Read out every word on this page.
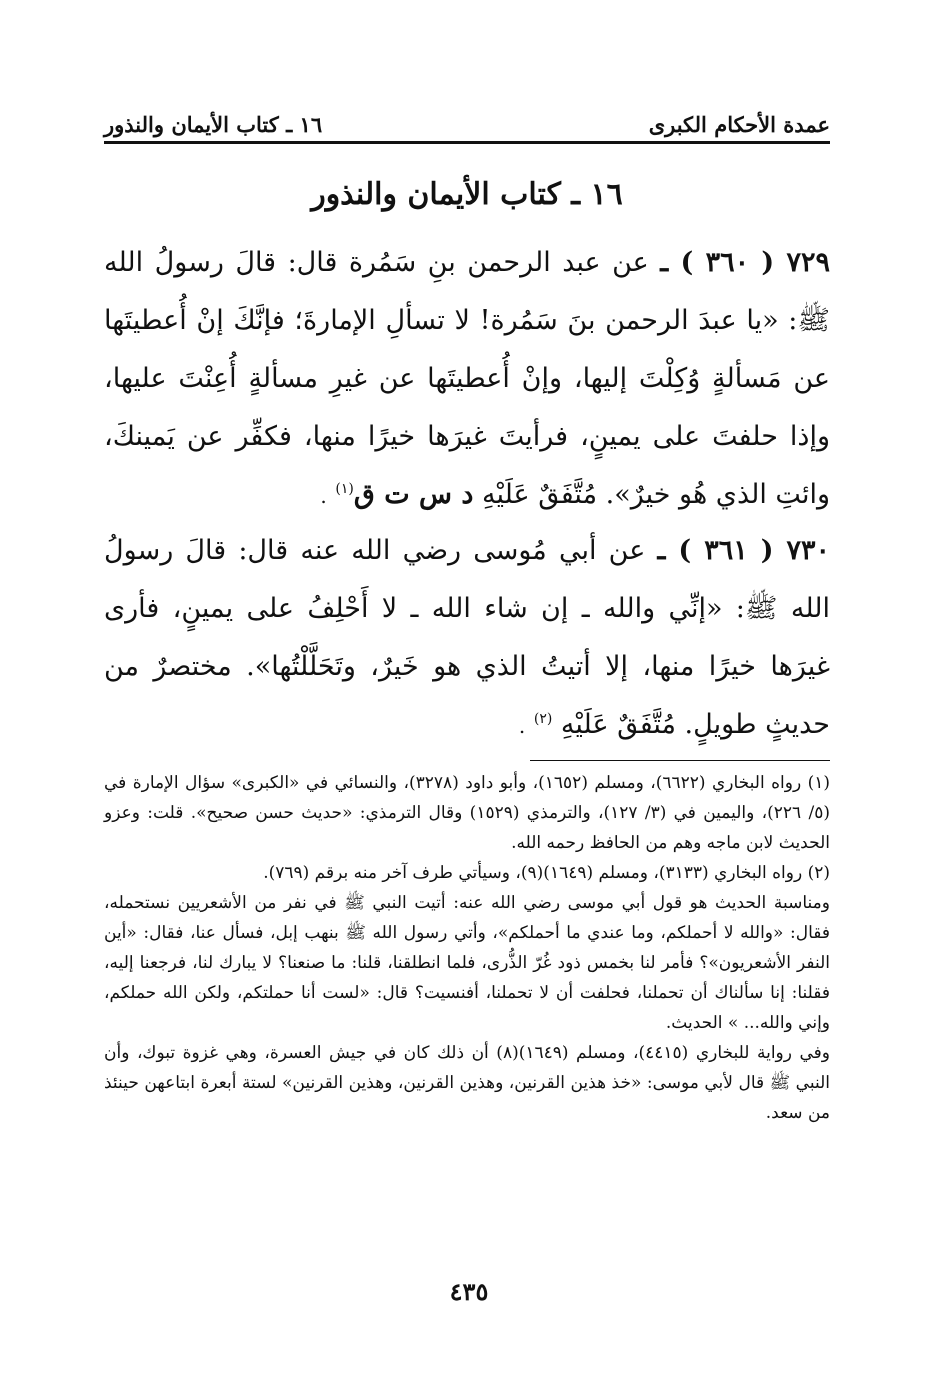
عمدة الأحكام الكبرى
١٦ ـ كتاب الأيمان والنذور
١٦ ـ كتاب الأيمان والنذور

٧٢٩ ( ٣٦٠ ) ـ عن عبد الرحمن بنِ سَمُرة قال: قالَ رسولُ الله ﷺ: «يا عبدَ الرحمن بنَ سَمُرة! لا تسألِ الإمارةَ؛ فإنَّكَ إنْ أُعطيتَها عن مَسألةٍ وُكِلْتَ إليها، وإنْ أُعطيتَها عن غيرِ مسألةٍ أُعِنْتَ عليها، وإذا حلفتَ على يمينٍ، فرأيتَ غيرَها خيرًا منها، فكفِّر عن يَمينكَ، وائتِ الذي هُو خيرٌ». مُتَّفَقٌ عَلَيْهِ د س ت ق$^{(١)}$ .

٧٣٠ ( ٣٦١ ) ـ عن أبي مُوسى رضي الله عنه قال: قالَ رسولُ الله ﷺ: «إنِّي والله ـ إن شاء الله ـ لا أَحْلِفُ على يمينٍ، فأرى غيرَها خيرًا منها، إلا أتيتُ الذي هو خَيرٌ، وتَحَلَّلْتُها». مختصرٌ من حديثٍ طويلٍ. مُتَّفَقٌ عَلَيْهِ $^{(٢)}$ .

(١) رواه البخاري (٦٦٢٢)، ومسلم (١٦٥٢)، وأبو داود (٣٢٧٨)، والنسائي في «الكبرى» سؤال الإمارة في (٥/ ٢٢٦)، واليمين في (٣/ ١٢٧)، والترمذي (١٥٢٩) وقال الترمذي: «حديث حسن صحيح». قلت: وعزو الحديث لابن ماجه وهم من الحافظ رحمه الله.

(٢) رواه البخاري (٣١٣٣)، ومسلم (١٦٤٩)(٩)، وسيأتي طرف آخر منه برقم (٧٦٩).

ومناسبة الحديث هو قول أبي موسى رضي الله عنه: أتيت النبي ﷺ في نفر من الأشعريين نستحمله، فقال: «والله لا أحملكم، وما عندي ما أحملكم»، وأتي رسول الله ﷺ بنهب إبل، فسأل عنا، فقال: «أين النفر الأشعريون»؟ فأمر لنا بخمس ذود غُرّ الذُّرى، فلما انطلقنا، قلنا: ما صنعنا؟ لا يبارك لنا، فرجعنا إليه، فقلنا: إنا سألناك أن تحملنا، فحلفت أن لا تحملنا، أفنسيت؟ قال: «لست أنا حملتكم، ولكن الله حملكم، وإني والله... » الحديث.

وفي رواية للبخاري (٤٤١٥)، ومسلم (١٦٤٩)(٨) أن ذلك كان في جيش العسرة، وهي غزوة تبوك، وأن النبي ﷺ قال لأبي موسى: «خذ هذين القرنين، وهذين القرنين، وهذين القرنين» لستة أبعرة ابتاعهن حينئذ من سعد.

٤٣٥
